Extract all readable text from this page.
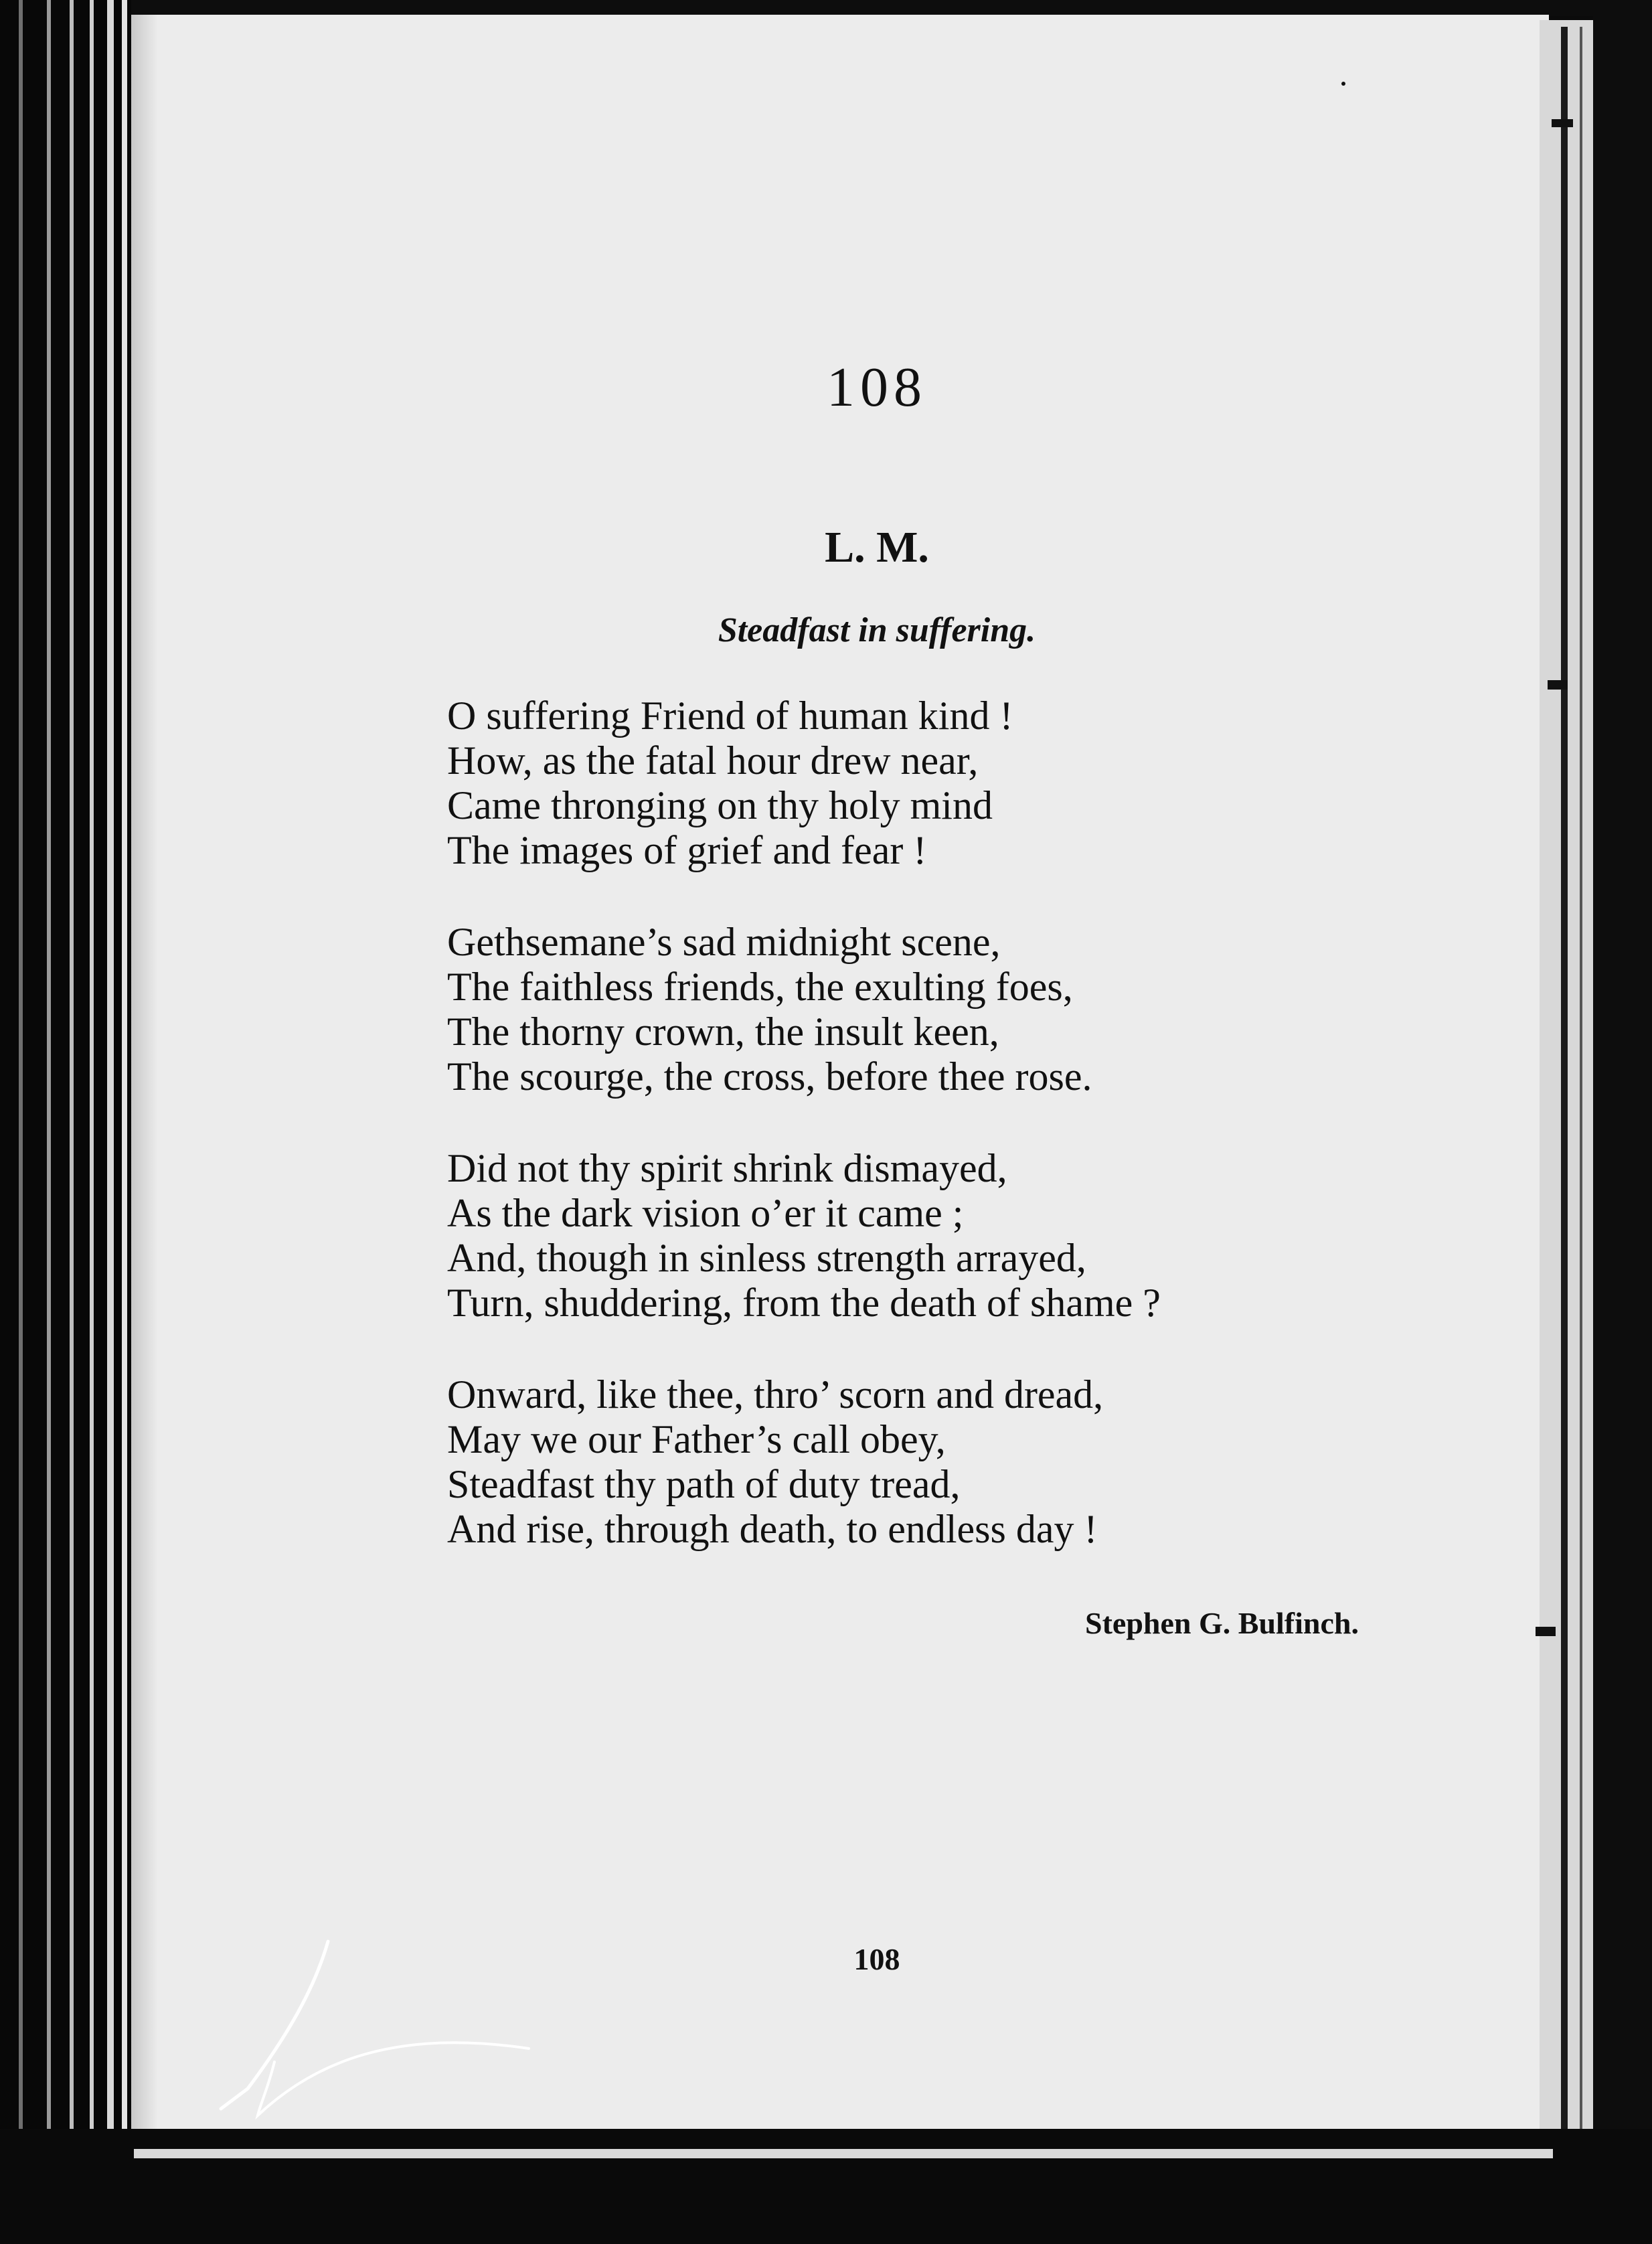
108
L. M.
Steadfast in suffering.
O suffering Friend of human kind !
How, as the fatal hour drew near,
Came thronging on thy holy mind
The images of grief and fear !
Gethsemane’s sad midnight scene,
The faithless friends, the exulting foes,
The thorny crown, the insult keen,
The scourge, the cross, before thee rose.
Did not thy spirit shrink dismayed,
As the dark vision o’er it came ;
And, though in sinless strength arrayed,
Turn, shuddering, from the death of shame ?
Onward, like thee, thro’ scorn and dread,
May we our Father’s call obey,
Steadfast thy path of duty tread,
And rise, through death, to endless day !
Stephen G. Bulfinch.
108
